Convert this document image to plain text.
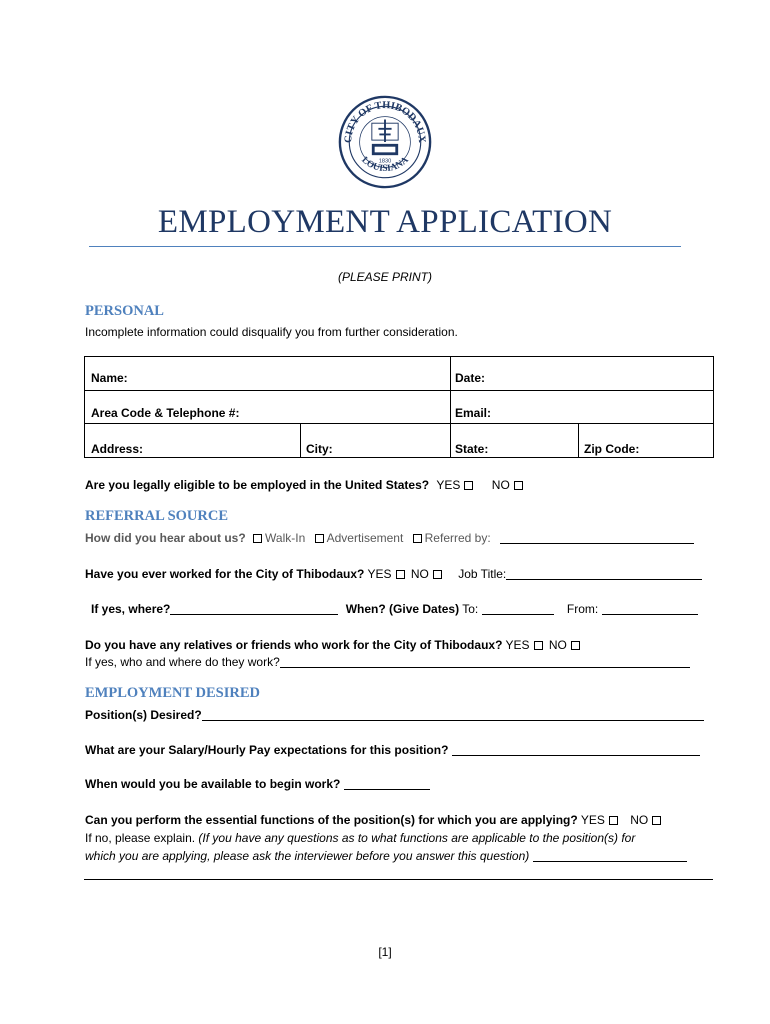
CITY OF THIBODAUX
LOUISIANA
1830
EMPLOYMENT APPLICATION
(PLEASE PRINT)
PERSONAL
Incomplete information could disqualify you from further consideration.
Name:	Date:
Area Code & Telephone #:	Email:
Address:	City:	State:	Zip Code:
Are you legally eligible to be employed in the United States? YES	NO
REFERRAL SOURCE
How did you hear about us? Walk-In Advertisement Referred by:
Have you ever worked for the City of Thibodaux? YES NO Job Title:
If yes, where?	When? (Give Dates) To:	From:
Do you have any relatives or friends who work for the City of Thibodaux? YES NO
If yes, who and where do they work?
EMPLOYMENT DESIRED
Position(s) Desired?
What are your Salary/Hourly Pay expectations for this position?
When would you be available to begin work?
Can you perform the essential functions of the position(s) for which you are applying? YES NO
If no, please explain. (If you have any questions as to what functions are applicable to the position(s) for
which you are applying, please ask the interviewer before you answer this question)
[1]
